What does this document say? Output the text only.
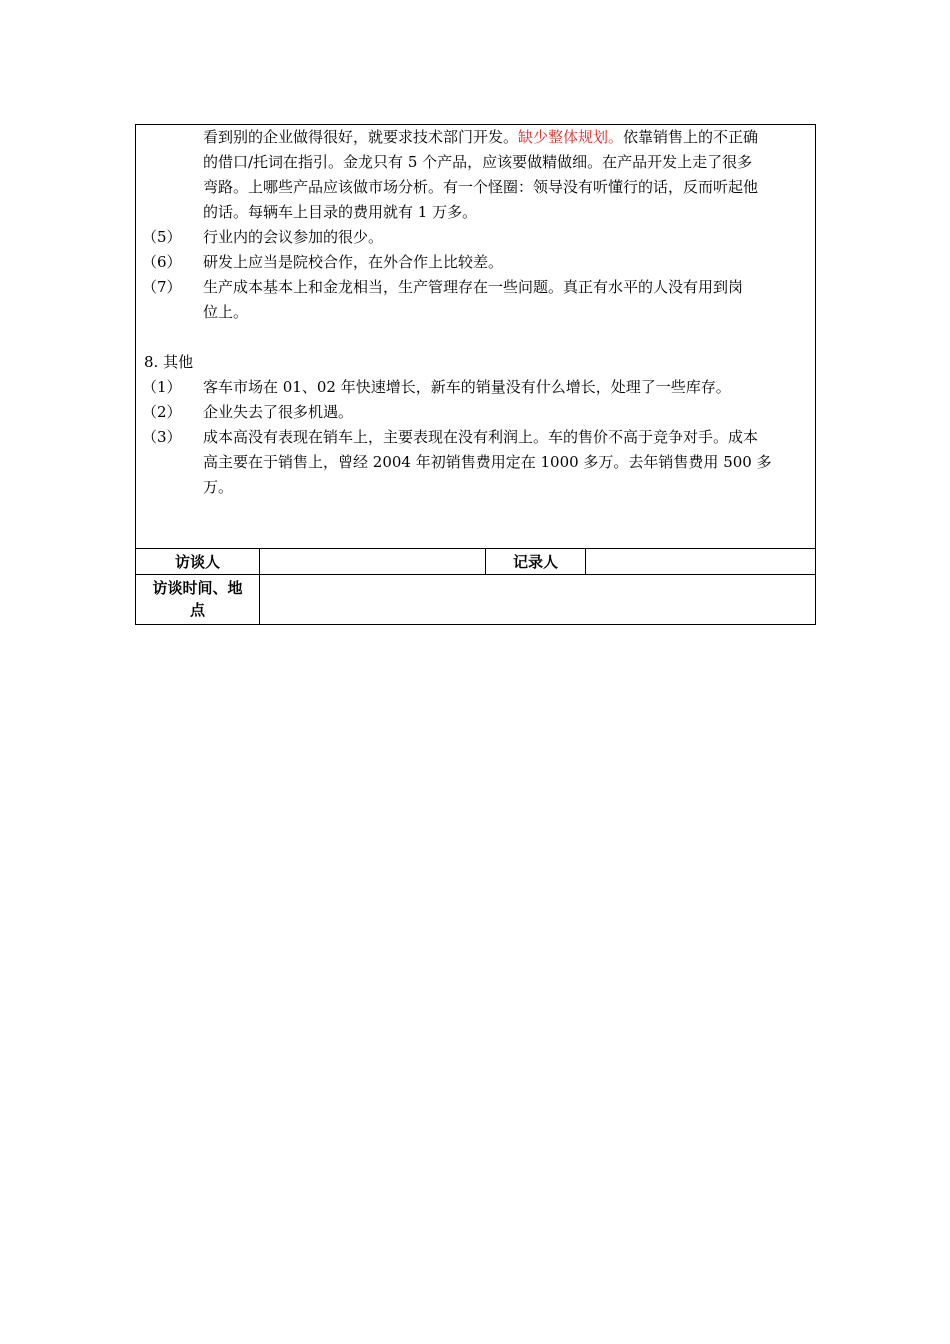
看到别的企业做得很好，就要求技术部门开发。缺少整体规划。依靠销售上的不正确
的借口/托词在指引。金龙只有 5 个产品，应该要做精做细。在产品开发上走了很多
弯路。上哪些产品应该做市场分析。有一个怪圈：领导没有听懂行的话，反而听起他
的话。每辆车上目录的费用就有 1 万多。
（5） 行业内的会议参加的很少。
（6） 研发上应当是院校合作，在外合作上比较差。
（7） 生产成本基本上和金龙相当，生产管理存在一些问题。真正有水平的人没有用到岗
位上。
8. 其他
（1） 客车市场在 01、02 年快速增长，新车的销量没有什么增长，处理了一些库存。
（2） 企业失去了很多机遇。
（3） 成本高没有表现在销车上，主要表现在没有利润上。车的售价不高于竞争对手。成本
高主要在于销售上，曾经 2004 年初销售费用定在 1000 多万。去年销售费用 500 多
万。
访谈人	记录人
访谈时间、地
点
